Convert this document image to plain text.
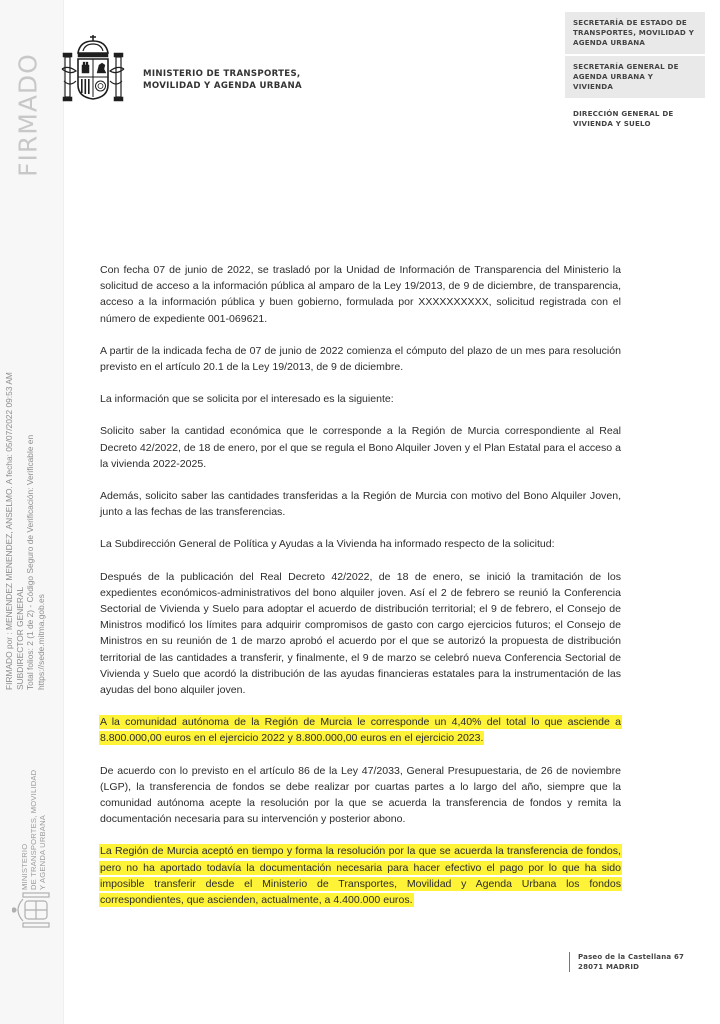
FIRMADO
FIRMADO por : MENENDEZ MENENDEZ, ANSELMO. A fecha: 05/07/2022 09:53 AM SUBDIRECTOR GENERAL Total folios: 2 (1 de 2) - Código Seguro de Verificación: Verificable en https://sede.mitma.gob.es
MINISTERIO DE TRANSPORTES, MOVILIDAD Y AGENDA URBANA
MINISTERIO DE TRANSPORTES,
MOVILIDAD Y AGENDA URBANA
SECRETARÍA DE ESTADO DE
TRANSPORTES, MOVILIDAD Y
AGENDA URBANA
SECRETARÍA GENERAL DE
AGENDA URBANA Y
VIVIENDA
DIRECCIÓN GENERAL DE
VIVIENDA Y SUELO

Con fecha 07 de junio de 2022, se trasladó por la Unidad de Información de Transparencia del Ministerio la solicitud de acceso a la información pública al amparo de la Ley 19/2013, de 9 de diciembre, de transparencia, acceso a la información pública y buen gobierno, formulada por XXXXXXXXXX, solicitud registrada con el número de expediente 001-069621.

A partir de la indicada fecha de 07 de junio de 2022 comienza el cómputo del plazo de un mes para resolución previsto en el artículo 20.1 de la Ley 19/2013, de 9 de diciembre.

La información que se solicita por el interesado es la siguiente:

Solicito saber la cantidad económica que le corresponde a la Región de Murcia correspondiente al Real Decreto 42/2022, de 18 de enero, por el que se regula el Bono Alquiler Joven y el Plan Estatal para el acceso a la vivienda 2022-2025.

Además, solicito saber las cantidades transferidas a la Región de Murcia con motivo del Bono Alquiler Joven, junto a las fechas de las transferencias.

La Subdirección General de Política y Ayudas a la Vivienda ha informado respecto de la solicitud:

Después de la publicación del Real Decreto 42/2022, de 18 de enero, se inició la tramitación de los expedientes económicos-administrativos del bono alquiler joven. Así el 2 de febrero se reunió la Conferencia Sectorial de Vivienda y Suelo para adoptar el acuerdo de distribución territorial; el 9 de febrero, el Consejo de Ministros modificó los límites para adquirir compromisos de gasto con cargo ejercicios futuros; el Consejo de Ministros en su reunión de 1 de marzo aprobó el acuerdo por el que se autorizó la propuesta de distribución territorial de las cantidades a transferir, y finalmente, el 9 de marzo se celebró nueva Conferencia Sectorial de Vivienda y Suelo que acordó la distribución de las ayudas financieras estatales para la instrumentación de las ayudas del bono alquiler joven.

A la comunidad autónoma de la Región de Murcia le corresponde un 4,40% del total lo que asciende a 8.800.000,00 euros en el ejercicio 2022 y 8.800.000,00 euros en el ejercicio 2023.

De acuerdo con lo previsto en el artículo 86 de la Ley 47/2033, General Presupuestaria, de 26 de noviembre (LGP), la transferencia de fondos se debe realizar por cuartas partes a lo largo del año, siempre que la comunidad autónoma acepte la resolución por la que se acuerda la transferencia de fondos y remita la documentación necesaria para su intervención y posterior abono.

La Región de Murcia aceptó en tiempo y forma la resolución por la que se acuerda la transferencia de fondos, pero no ha aportado todavía la documentación necesaria para hacer efectivo el pago por lo que ha sido imposible transferir desde el Ministerio de Transportes, Movilidad y Agenda Urbana los fondos correspondientes, que ascienden, actualmente, a 4.400.000 euros.

Paseo de la Castellana 67
28071 MADRID
